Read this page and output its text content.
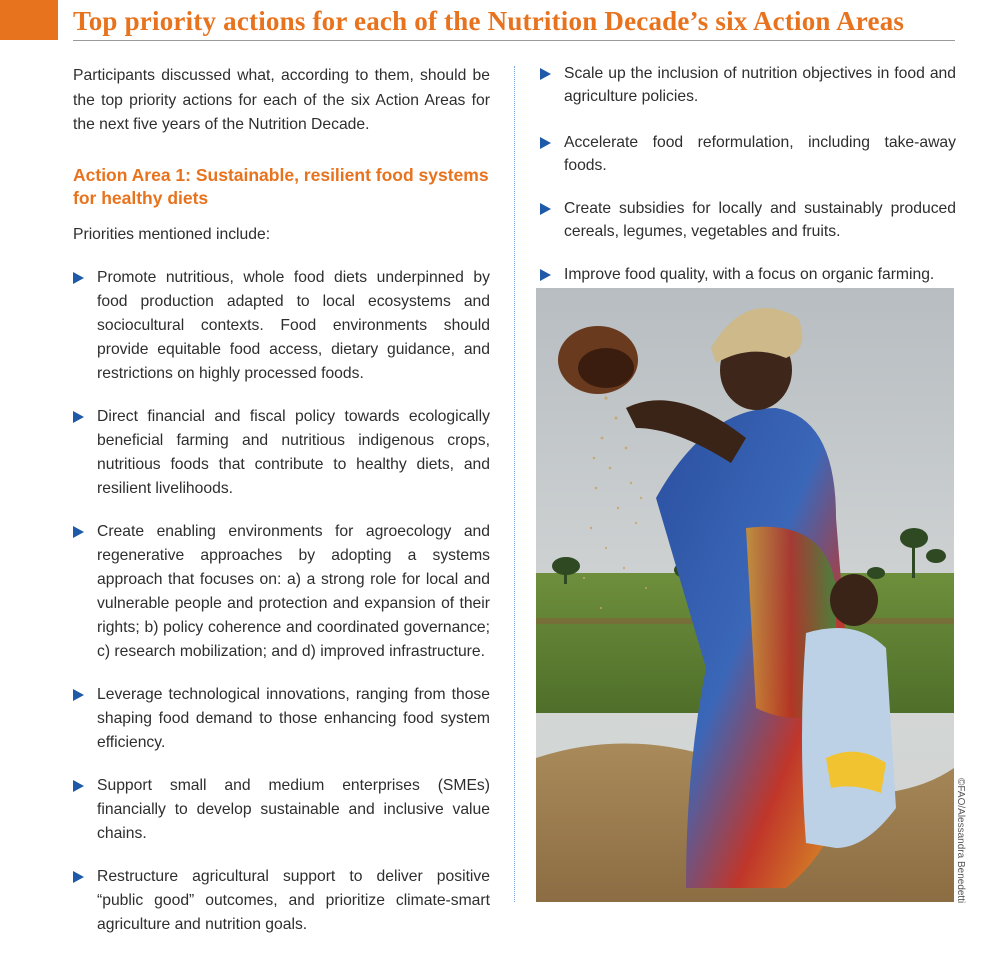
Top priority actions for each of the Nutrition Decade’s six Action Areas

Participants discussed what, according to them, should be the top priority actions for each of the six Action Areas for the next five years of the Nutrition Decade.

Action Area 1: Sustainable, resilient food systems for healthy diets

Priorities mentioned include:

Promote nutritious, whole food diets underpinned by food production adapted to local ecosystems and sociocultural contexts. Food environments should provide equitable food access, dietary guidance, and restrictions on highly processed foods.
Direct financial and fiscal policy towards ecologically beneficial farming and nutritious indigenous crops, nutritious foods that contribute to healthy diets, and resilient livelihoods.
Create enabling environments for agroecology and regenerative approaches by adopting a systems approach that focuses on: a) a strong role for local and vulnerable people and protection and expansion of their rights; b) policy coherence and coordinated governance; c) research mobilization; and d) improved infrastructure.
Leverage technological innovations, ranging from those shaping food demand to those enhancing food system efficiency.
Support small and medium enterprises (SMEs) financially to develop sustainable and inclusive value chains.
Restructure agricultural support to deliver positive “public good” outcomes, and prioritize climate-smart agriculture and nutrition goals.
Scale up the inclusion of nutrition objectives in food and agriculture policies.
Accelerate food reformulation, including take-away foods.
Create subsidies for locally and sustainably produced cereals, legumes, vegetables and fruits.
Improve food quality, with a focus on organic farming.
©FAO/Alessandra Benedetti
